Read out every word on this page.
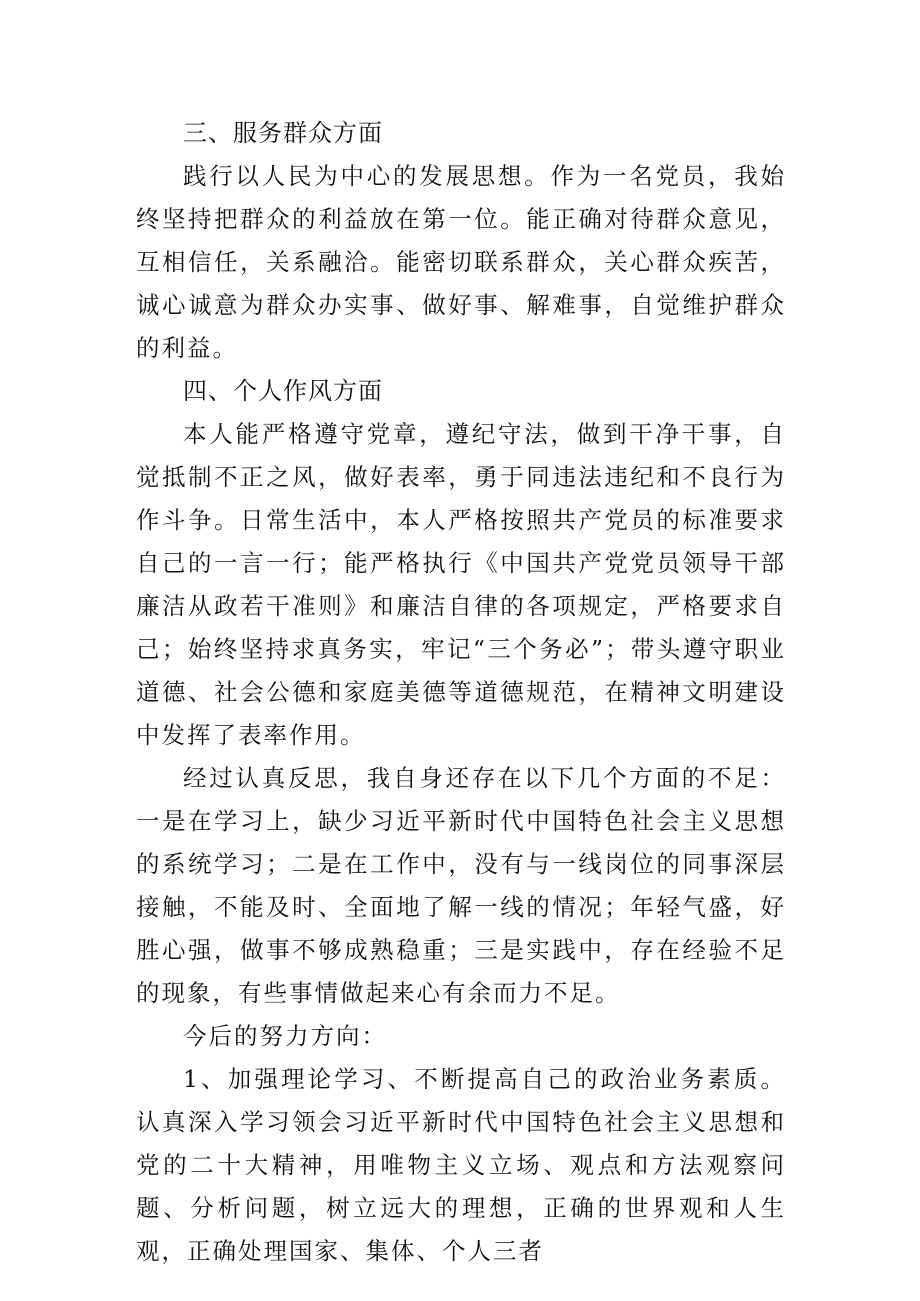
三、服务群众方面

践行以人民为中心的发展思想。作为一名党员，我始终坚持把群众的利益放在第一位。能正确对待群众意见，互相信任，关系融洽。能密切联系群众，关心群众疾苦，诚心诚意为群众办实事、做好事、解难事，自觉维护群众的利益。

四、个人作风方面

本人能严格遵守党章，遵纪守法，做到干净干事，自觉抵制不正之风，做好表率，勇于同违法违纪和不良行为作斗争。日常生活中，本人严格按照共产党员的标准要求自己的一言一行；能严格执行《中国共产党党员领导干部廉洁从政若干准则》和廉洁自律的各项规定，严格要求自己；始终坚持求真务实，牢记“三个务必”；带头遵守职业道德、社会公德和家庭美德等道德规范，在精神文明建设中发挥了表率作用。

经过认真反思，我自身还存在以下几个方面的不足：一是在学习上，缺少习近平新时代中国特色社会主义思想的系统学习；二是在工作中，没有与一线岗位的同事深层接触，不能及时、全面地了解一线的情况；年轻气盛，好胜心强，做事不够成熟稳重；三是实践中，存在经验不足的现象，有些事情做起来心有余而力不足。

今后的努力方向：

1、加强理论学习、不断提高自己的政治业务素质。认真深入学习领会习近平新时代中国特色社会主义思想和党的二十大精神，用唯物主义立场、观点和方法观察问题、分析问题，树立远大的理想，正确的世界观和人生观，正确处理国家、集体、个人三者
